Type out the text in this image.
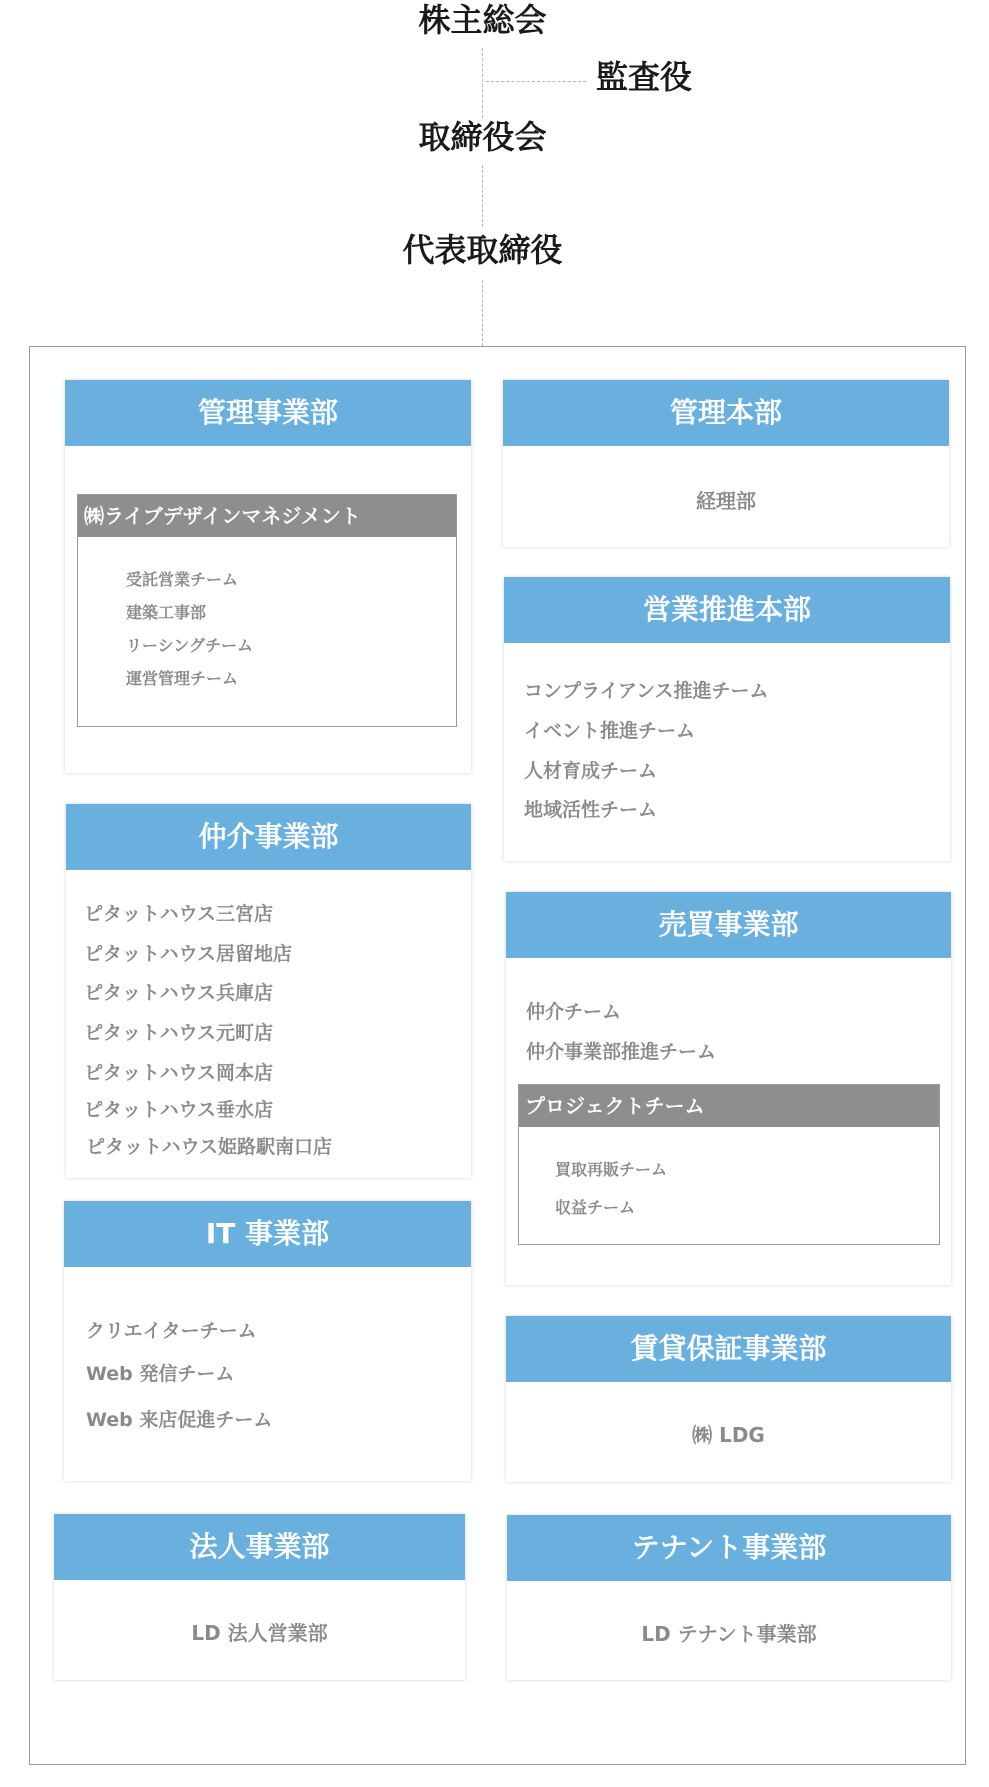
株主総会
監査役
取締役会
代表取締役
管理事業部
㈱ライブデザインマネジメント
受託営業チーム
建築工事部
リーシングチーム
運営管理チーム
管理本部
経理部
営業推進本部
コンプライアンス推進チーム
イベント推進チーム
人材育成チーム
地域活性チーム
仲介事業部
ピタットハウス三宮店
ピタットハウス居留地店
ピタットハウス兵庫店
ピタットハウス元町店
ピタットハウス岡本店
ピタットハウス垂水店
ピタットハウス姫路駅南口店
売買事業部
仲介チーム
仲介事業部推進チーム
プロジェクトチーム
買取再販チーム
収益チーム
IT 事業部
クリエイターチーム
Web 発信チーム
Web 来店促進チーム
賃貸保証事業部
㈱ LDG
法人事業部
LD 法人営業部
テナント事業部
LD テナント事業部
